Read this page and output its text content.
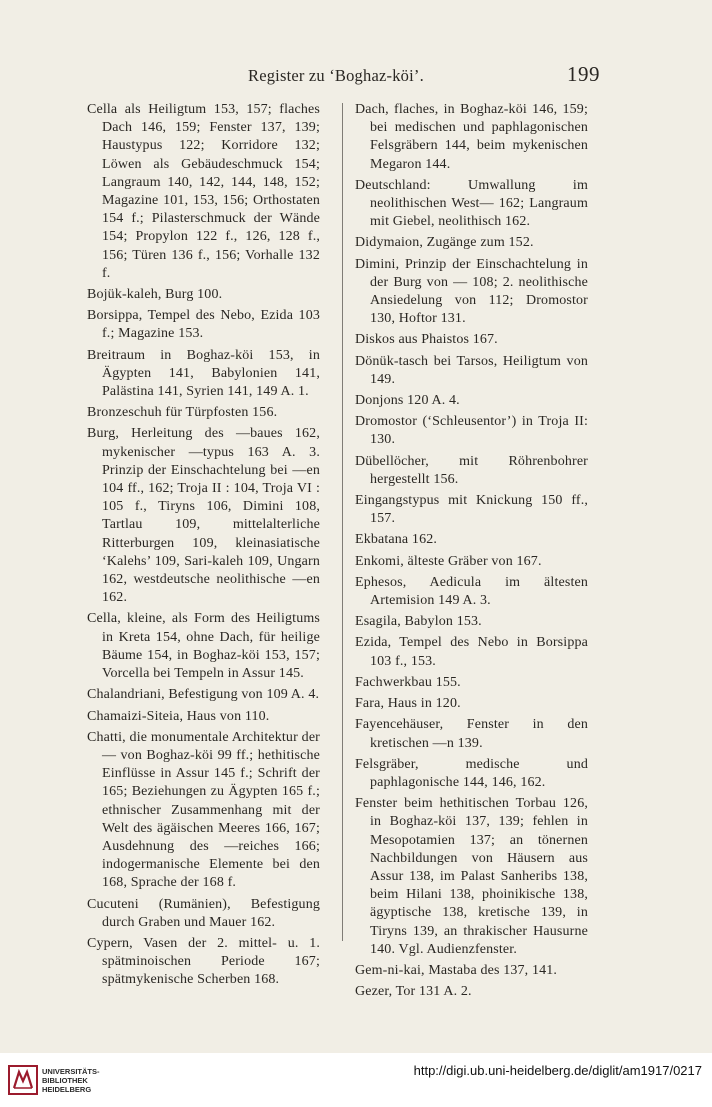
Register zu ‘Boghaz-köi’.	199

Cella als Heiligtum 153, 157; flaches Dach 146, 159; Fenster 137, 139; Haustypus 122; Korridore 132; Löwen als Gebäudeschmuck 154; Langraum 140, 142, 144, 148, 152; Magazine 101, 153, 156; Orthostaten 154 f.; Pilasterschmuck der Wände 154; Propylon 122 f., 126, 128 f., 156; Türen 136 f., 156; Vorhalle 132 f.

Bojük-kaleh, Burg 100.

Borsippa, Tempel des Nebo, Ezida 103 f.; Magazine 153.

Breitraum in Boghaz-köi 153, in Ägypten 141, Babylonien 141, Palästina 141, Syrien 141, 149 A. 1.

Bronzeschuh für Türpfosten 156.

Burg, Herleitung des —baues 162, mykenischer —typus 163 A. 3. Prinzip der Einschachtelung bei —en 104 ff., 162; Troja II : 104, Troja VI : 105 f., Tiryns 106, Dimini 108, Tartlau 109, mittelalterliche Ritterburgen 109, kleinasiatische ‘Kalehs’ 109, Sari-kaleh 109, Ungarn 162, westdeutsche neolithische —en 162.

Cella, kleine, als Form des Heiligtums in Kreta 154, ohne Dach, für heilige Bäume 154, in Boghaz-köi 153, 157; Vorcella bei Tempeln in Assur 145.

Chalandriani, Befestigung von 109 A. 4.

Chamaizi-Siteia, Haus von 110.

Chatti, die monumentale Architektur der — von Boghaz-köi 99 ff.; hethitische Einflüsse in Assur 145 f.; Schrift der 165; Beziehungen zu Ägypten 165 f.; ethnischer Zusammenhang mit der Welt des ägäischen Meeres 166, 167; Ausdehnung des —reiches 166; indogermanische Elemente bei den 168, Sprache der 168 f.

Cucuteni (Rumänien), Befestigung durch Graben und Mauer 162.

Cypern, Vasen der 2. mittel- u. 1. spätminoischen Periode 167; spätmykenische Scherben 168.

Dach, flaches, in Boghaz-köi 146, 159; bei medischen und paphlagonischen Felsgräbern 144, beim mykenischen Megaron 144.

Deutschland: Umwallung im neolithischen West— 162; Langraum mit Giebel, neolithisch 162.

Didymaion, Zugänge zum 152.

Dimini, Prinzip der Einschachtelung in der Burg von — 108; 2. neolithische Ansiedelung von 112; Dromostor 130, Hoftor 131.

Diskos aus Phaistos 167.

Dönük-tasch bei Tarsos, Heiligtum von 149.

Donjons 120 A. 4.

Dromostor (‘Schleusentor’) in Troja II: 130.

Dübellöcher, mit Röhrenbohrer hergestellt 156.

Eingangstypus mit Knickung 150 ff., 157.

Ekbatana 162.

Enkomi, älteste Gräber von 167.

Ephesos, Aedicula im ältesten Artemision 149 A. 3.

Esagila, Babylon 153.

Ezida, Tempel des Nebo in Borsippa 103 f., 153.

Fachwerkbau 155.

Fara, Haus in 120.

Fayencehäuser, Fenster in den kretischen —n 139.

Felsgräber, medische und paphlagonische 144, 146, 162.

Fenster beim hethitischen Torbau 126, in Boghaz-köi 137, 139; fehlen in Mesopotamien 137; an tönernen Nachbildungen von Häusern aus Assur 138, im Palast Sanheribs 138, beim Hilani 138, phoinikische 138, ägyptische 138, kretische 139, in Tiryns 139, an thrakischer Hausurne 140. Vgl. Audienzfenster.

Gem-ni-kai, Mastaba des 137, 141.

Gezer, Tor 131 A. 2.

UNIVERSITÄTS-
BIBLIOTHEK
HEIDELBERG
http://digi.ub.uni-heidelberg.de/diglit/am1917/0217
